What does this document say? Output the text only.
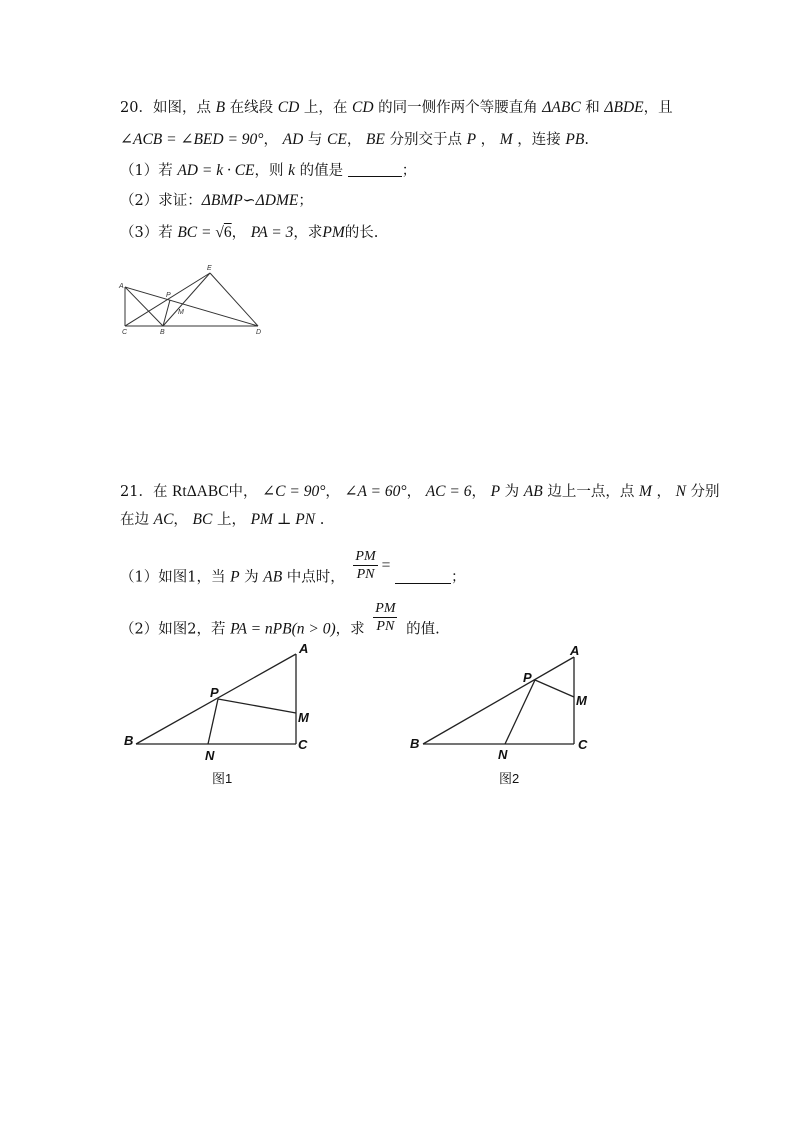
20．如图，点 B 在线段 CD 上，在 CD 的同一侧作两个等腰直角 ΔABC 和 ΔBDE，且
∠ACB = ∠BED = 90°， AD 与 CE， BE 分别交于点 P ， M ，连接 PB.
（1）若 AD = k · CE，则 k 的值是	；
（2）求证：ΔBMP∽ΔDME；
（3）若 BC = √6， PA = 3，求PM的长.
A
E
P
M
C	B	D
21．在 RtΔABC中， ∠C = 90°， ∠A = 60°， AC = 6， P 为 AB 边上一点，点 M ， N 分别
在边 AC， BC 上， PM ⊥ PN .
（1）如图1，当 P 为 AB 中点时， $\frac{PM}{PN}$ = ；
（2）如图2，若 PA = nPB(n > 0)，求 $\frac{PM}{PN}$ 的值.
A
P
M
B
N
C
图1
A
P
M
B
N
C
图2
